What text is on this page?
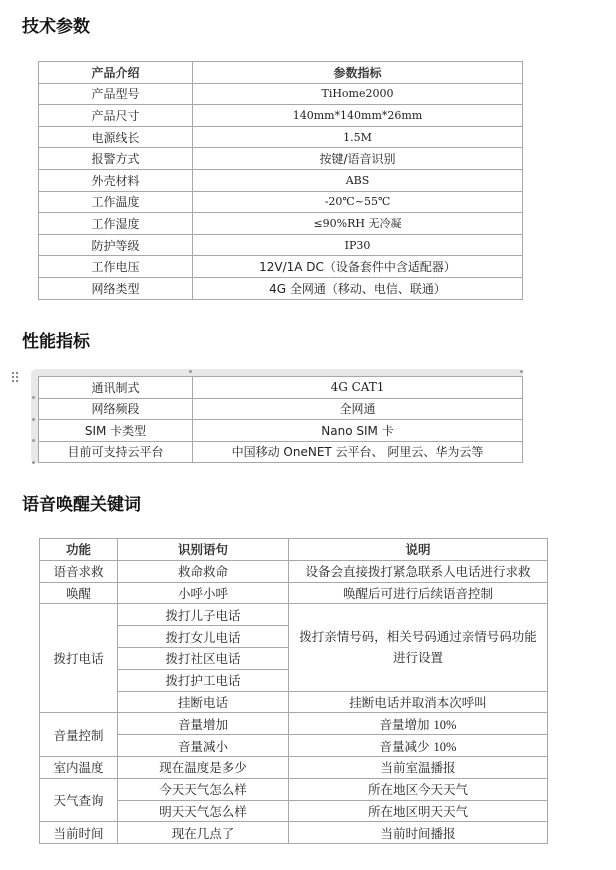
技术参数
产品介绍	参数指标
产品型号	TiHome2000
产品尺寸	140mm*140mm*26mm
电源线长	1.5M
报警方式	按键/语音识别
外壳材料	ABS
工作温度	-20℃~55℃
工作湿度	≤90%RH 无冷凝
防护等级	IP30
工作电压	12V/1A DC（设备套件中含适配器）
网络类型	4G 全网通（移动、电信、联通）
性能指标
通讯制式	4G CAT1
网络频段	全网通
SIM 卡类型	Nano SIM 卡
目前可支持云平台	中国移动 OneNET 云平台、 阿里云、华为云等
语音唤醒关键词
功能	识别语句	说明
语音求救	救命救命	设备会直接拨打紧急联系人电话进行求救
唤醒	小呼小呼	唤醒后可进行后续语音控制
拨打电话	拨打儿子电话	拨打亲情号码，相关号码通过亲情号码功能进行设置
	拨打女儿电话	
	拨打社区电话	
	拨打护工电话	
	挂断电话	挂断电话并取消本次呼叫
音量控制	音量增加	音量增加 10%
	音量减小	音量减少 10%
室内温度	现在温度是多少	当前室温播报
天气查询	今天天气怎么样	所在地区今天天气
	明天天气怎么样	所在地区明天天气
当前时间	现在几点了	当前时间播报
